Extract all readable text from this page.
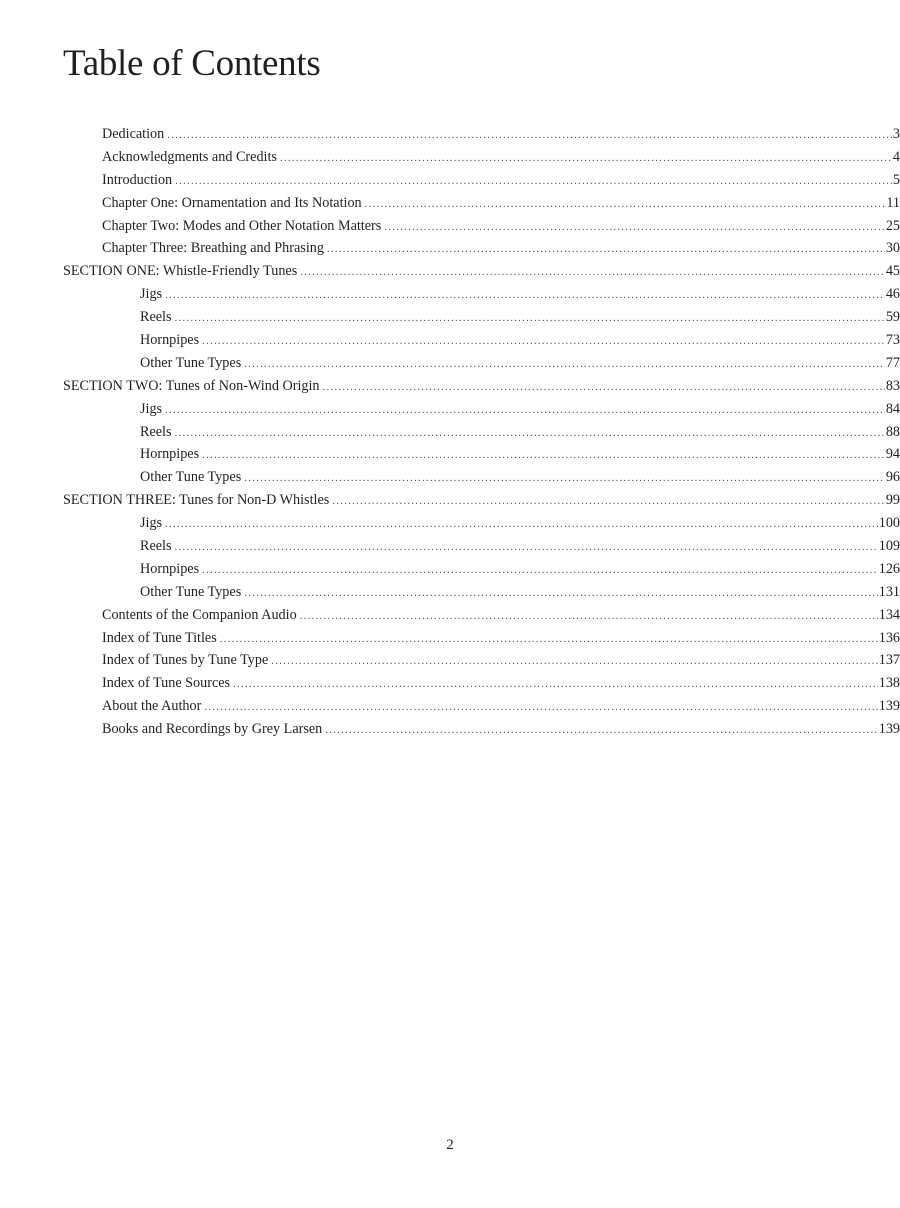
Table of Contents
Dedication .....	3
Acknowledgments and Credits .....	4
Introduction .....	5
Chapter One: Ornamentation and Its Notation .....	11
Chapter Two: Modes and Other Notation Matters .....	25
Chapter Three: Breathing and Phrasing .....	30
SECTION ONE: Whistle-Friendly Tunes .....	45
Jigs .....	46
Reels .....	59
Hornpipes .....	73
Other Tune Types .....	77
SECTION TWO: Tunes of Non-Wind Origin .....	83
Jigs .....	84
Reels .....	88
Hornpipes .....	94
Other Tune Types .....	96
SECTION THREE: Tunes for Non-D Whistles .....	99
Jigs .....	100
Reels .....	109
Hornpipes .....	126
Other Tune Types .....	131
Contents of the Companion Audio .....	134
Index of Tune Titles .....	136
Index of Tunes by Tune Type .....	137
Index of Tune Sources .....	138
About the Author .....	139
Books and Recordings by Grey Larsen .....	139

2
